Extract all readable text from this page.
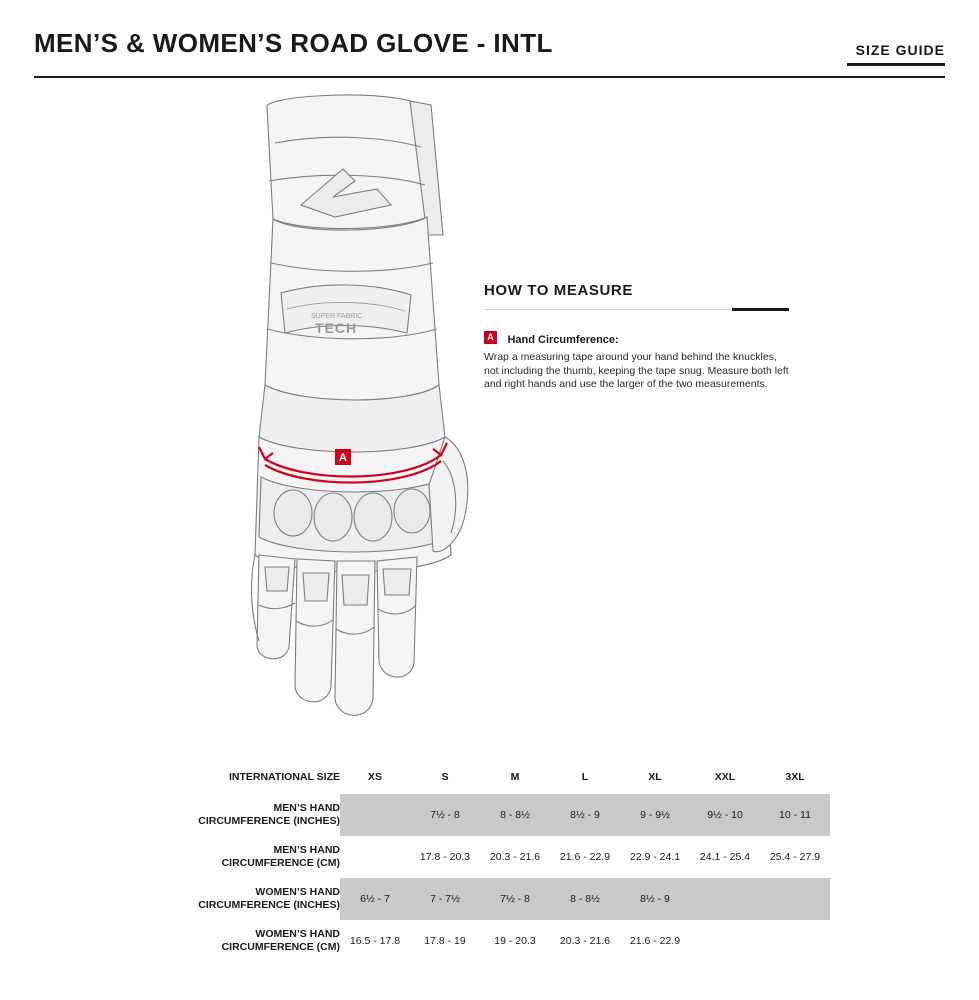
MEN’S & WOMEN’S ROAD GLOVE - INTL	SIZE GUIDE
SUPER FABRIC
TECH
A
HOW TO MEASURE
A Hand Circumference:
Wrap a measuring tape around your hand behind the knuckles, not including the thumb, keeping the tape snug. Measure both left and right hands and use the larger of the two measurements.
INTERNATIONAL SIZE	XS	S	M	L	XL	XXL	3XL
MEN’S HAND
CIRCUMFERENCE (INCHES)		7½ - 8	8 - 8½	8½ - 9	9 - 9½	9½ - 10	10 - 11
MEN’S HAND
CIRCUMFERENCE (CM)		17.8 - 20.3	20.3 - 21.6	21.6 - 22.9	22.9 - 24.1	24.1 - 25.4	25.4 - 27.9
WOMEN’S HAND
CIRCUMFERENCE (INCHES)	6½ - 7	7 - 7½	7½ - 8	8 - 8½	8½ - 9		
WOMEN’S HAND
CIRCUMFERENCE (CM)	16.5 - 17.8	17.8 - 19	19 - 20.3	20.3 - 21.6	21.6 - 22.9		
